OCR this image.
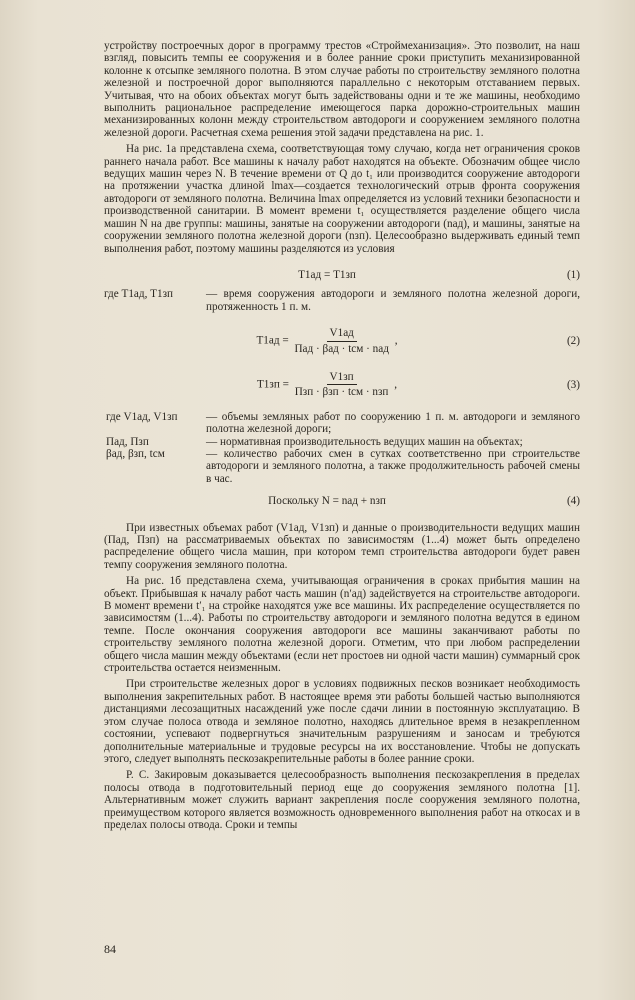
устройству построечных дорог в программу трестов «Строймеханизация». Это позволит, на наш взгляд, повысить темпы ее сооружения и в более ранние сроки приступить механизированной колонне к отсыпке земляного полотна. В этом случае работы по строительству земляного полотна железной и построечной дорог выполняются параллельно с некоторым отставанием первых. Учитывая, что на обоих объектах могут быть задействованы одни и те же машины, необходимо выполнить рациональное распределение имеющегося парка дорожно-строительных машин механизированных колонн между строительством автодороги и сооружением земляного полотна железной дороги. Расчетная схема решения этой задачи представлена на рис. 1.

На рис. 1а представлена схема, соответствующая тому случаю, когда нет ограничения сроков раннего начала работ. Все машины к началу работ находятся на объекте. Обозначим общее число ведущих машин через N. В течение времени от Q до t₁ или производится сооружение автодороги на протяжении участка длиной lmax—создается технологический отрыв фронта сооружения автодороги от земляного полотна. Величина lmax определяется из условий техники безопасности и производственной санитарии. В момент времени t₁ осуществляется разделение общего числа машин N на две группы: машины, занятые на сооружении автодороги (nад), и машины, занятые на сооружении земляного полотна железной дороги (nзп). Целесообразно выдерживать единый темп выполнения работ, поэтому машины разделяются из условия

T1ад = T1зп	(1)
где T1ад, T1зп	— время сооружения автодороги и земляного полотна железной дороги, протяженность 1 п. м.
$T1ад = \frac{V1ад}{\text{Пад · βад · tсм · nад}}$ ,	(2)
$T1зп = \frac{V1зп}{\text{Пзп · βзп · tсм · nзп}}$ ,	(3)
где V1ад, V1зп	— объемы земляных работ по сооружению 1 п. м. автодороги и земляного полотна железной дороги;
Пад, Пзп	— нормативная производительность ведущих машин на объектах;
βад, βзп, tсм	— количество рабочих смен в сутках соответственно при строительстве автодороги и земляного полотна, а также продолжительность рабочей смены в час.
Поскольку N = nад + nзп	(4)

При известных объемах работ (V1ад, V1зп) и данные о производительности ведущих машин (Пад, Пзп) на рассматриваемых объектах по зависимостям (1...4) может быть определено распределение общего числа машин, при котором темп строительства автодороги будет равен темпу сооружения земляного полотна.

На рис. 1б представлена схема, учитывающая ограничения в сроках прибытия машин на объект. Прибывшая к началу работ часть машин (n′ад) задействуется на строительстве автодороги. В момент времени t′₁ на стройке находятся уже все машины. Их распределение осуществляется по зависимостям (1...4). Работы по строительству автодороги и земляного полотна ведутся в едином темпе. После окончания сооружения автодороги все машины заканчивают работы по строительству земляного полотна железной дороги. Отметим, что при любом распределении общего числа машин между объектами (если нет простоев ни одной части машин) суммарный срок строительства остается неизменным.

При строительстве железных дорог в условиях подвижных песков возникает необходимость выполнения закрепительных работ. В настоящее время эти работы большей частью выполняются дистанциями лесозащитных насаждений уже после сдачи линии в постоянную эксплуатацию. В этом случае полоса отвода и земляное полотно, находясь длительное время в незакрепленном состоянии, успевают подвергнуться значительным разрушениям и заносам и требуются дополнительные материальные и трудовые ресурсы на их восстановление. Чтобы не допускать этого, следует выполнять пескозакрепительные работы в более ранние сроки.

Р. С. Закировым доказывается целесообразность выполнения пескозакрепления в пределах полосы отвода в подготовительный период еще до сооружения земляного полотна [1]. Альтернативным может служить вариант закрепления после сооружения земляного полотна, преимуществом которого является возможность одновременного выполнения работ на откосах и в пределах полосы отвода. Сроки и темпы

84
